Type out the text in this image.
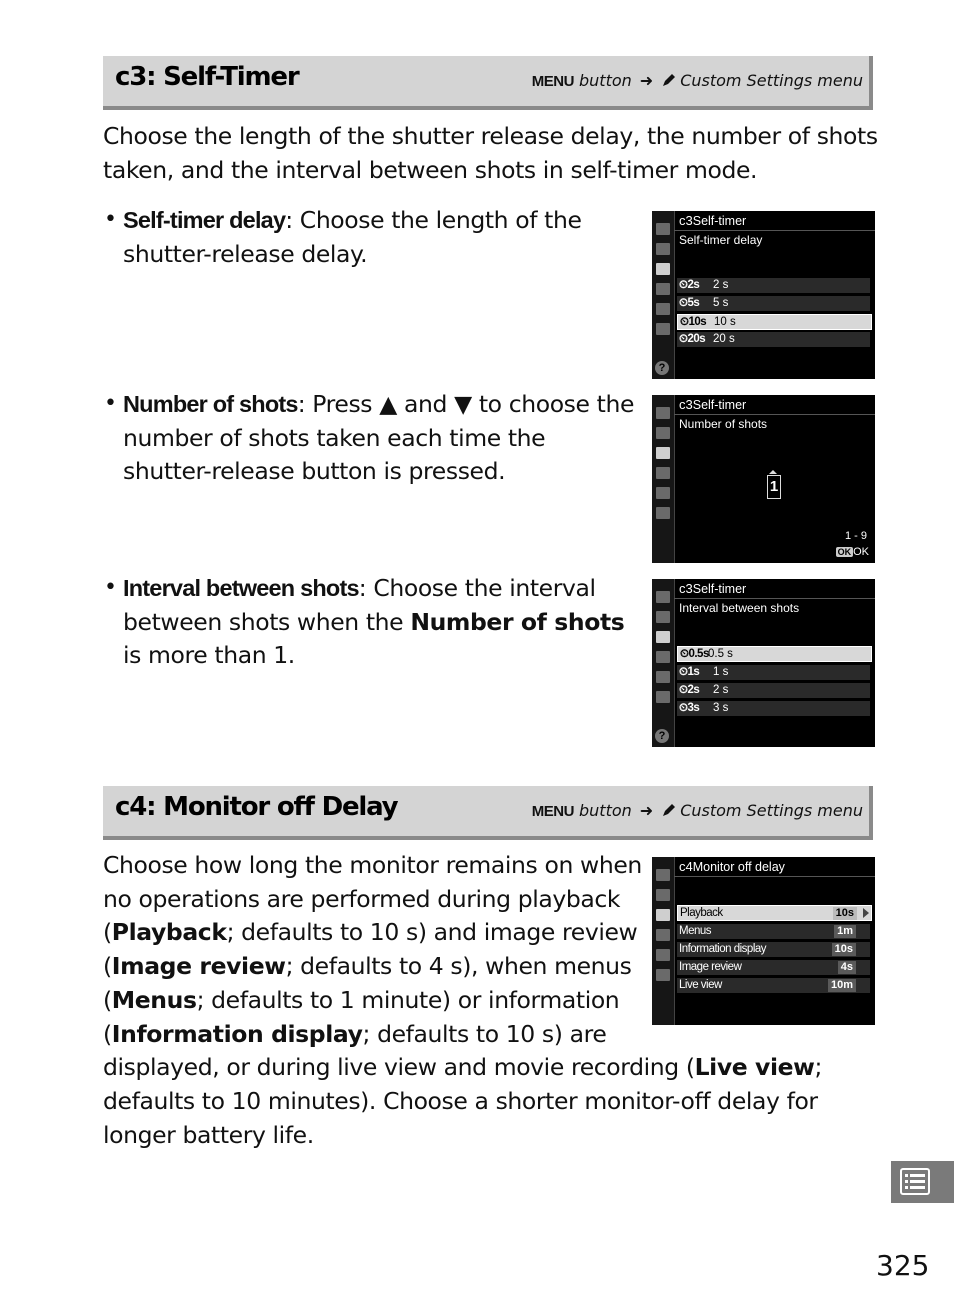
c3: Self-Timer	MENU button ➜ Custom Settings menu
Choose the length of the shutter release delay, the number of shots taken, and the interval between shots in self-timer mode.
• Self-timer delay: Choose the length of the shutter-release delay.
• Number of shots: Press ▲ and ▼ to choose the number of shots taken each time the shutter-release button is pressed.
• Interval between shots: Choose the interval between shots when the Number of shots is more than 1.
?
c3Self-timer
Self-timer delay
⏲2s 2 s
⏲5s 5 s
⏲10s 10 s
⏲20s 20 s
c3Self-timer
Number of shots
1
1 - 9
OK OK
?
c3Self-timer
Interval between shots
⏲0.5s 0.5 s
⏲1s 1 s
⏲2s 2 s
⏲3s 3 s
c4: Monitor off Delay	MENU button ➜ Custom Settings menu
Choose how long the monitor remains on when no operations are performed during playback (Playback; defaults to 10 s) and image review (Image review; defaults to 4 s), when menus (Menus; defaults to 1 minute) or information (Information display; defaults to 10 s) are displayed, or during live view and movie recording (Live view; defaults to 10 minutes). Choose a shorter monitor-off delay for longer battery life.
c4Monitor off delay
Playback	10s
Menus	1m
Information display	10s
Image review	4s
Live view	10m
325
